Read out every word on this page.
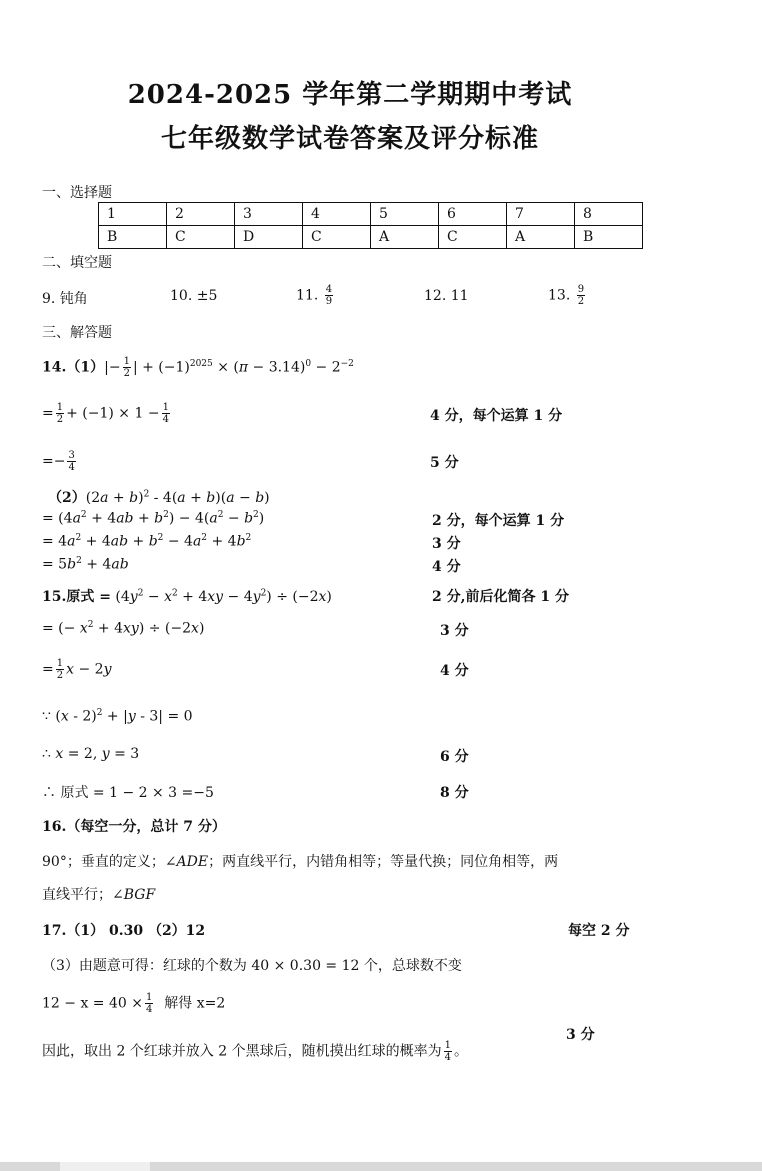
2024-2025 学年第二学期期中考试
七年级数学试卷答案及评分标准
一、选择题
1	2	3	4	5	6	7	8
B	C	D	C	A	C	A	B
二、填空题
9. 钝角	10. ±5	11. $\frac{4}{9}$	12. 11	13. $\frac{9}{2}$
三、解答题
$14.(1)|- \frac{1}{2}$ | + $(-1)^{2025} \times (\pi - 3.14)^0 - 2^{-2}$
= $\frac{1}{2} + (-1) \times 1 - \frac{1}{4}$	4 分，每个运算 1 分
=− $\frac{3}{4}$	5 分
$(2)(2a + b)^2 - 4(a + b)(a - b)$
= $(4a^2 + 4ab + b^2) - 4(a^2 - b^2)$	2 分，每个运算 1 分
= $4a^2 + 4ab + b^2 - 4a^2 + 4b^2$	3 分
= $5b^2 + 4ab$	4 分
15.原式 = $(4y^2 - x^2 + 4xy - 4y^2) \div (-2x)$	2 分,前后化简各 1 分
= (− $x^2 + 4xy) \div (-2x)$	3 分
= $\frac{1}{2}$ x − 2y	4 分
∵ (x - 2)$^2$ + |y - 3| = 0
∴ x = 2, y = 3	6 分
∴ 原式 = 1 − 2 × 3 =−5	8 分
16.（每空一分，总计 7 分）
90°；垂直的定义；∠ADE；两直线平行，内错角相等；等量代换；同位角相等，两
直线平行；∠BGF
17.（1） 0.30 （2）12	每空 2 分
（3）由题意可得：红球的个数为 40 × 0.30 = 12 个，总球数不变
$12 - x = 40 \times \frac{1}{4}$ 解得 x=2
3 分
因此，取出 2 个红球并放入 2 个黑球后，随机摸出红球的概率为 $\frac{1}{4}$ 。
